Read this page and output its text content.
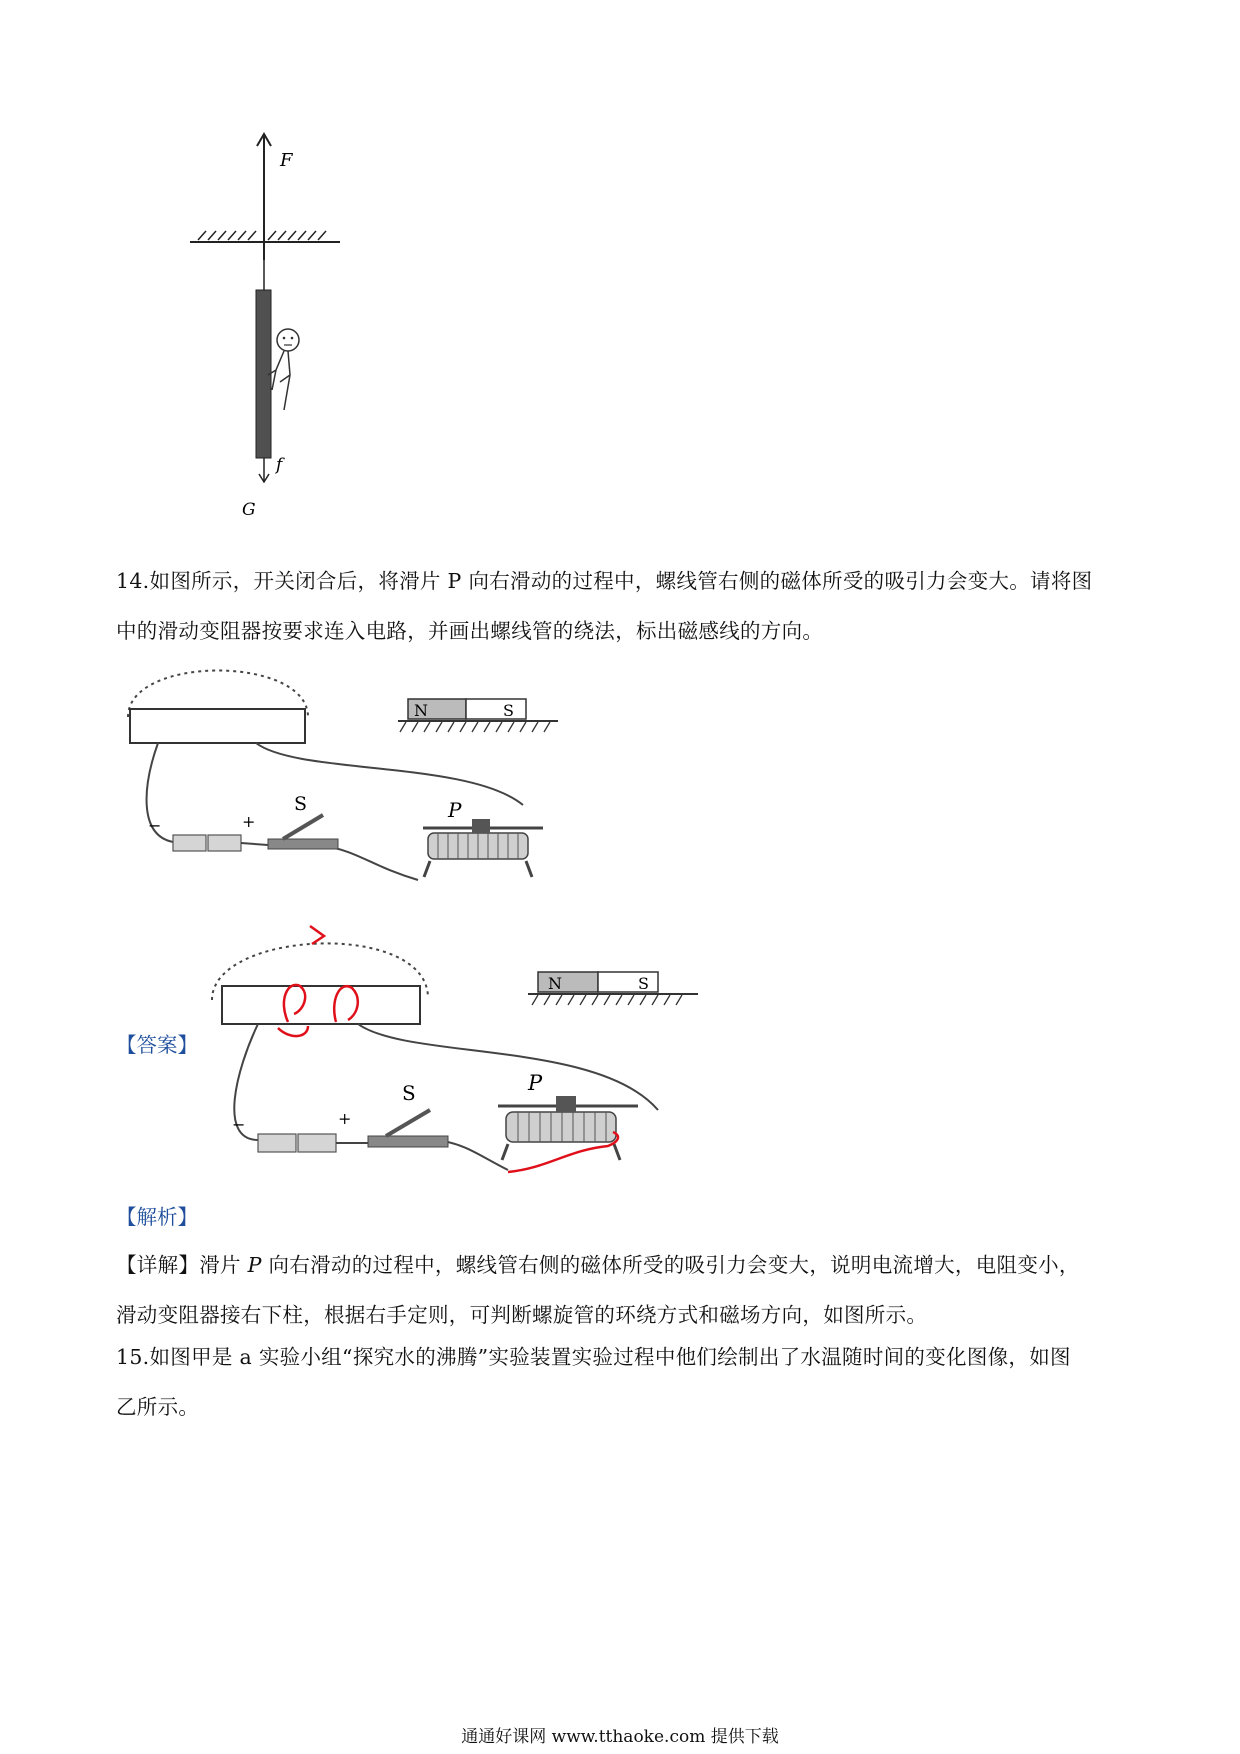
F
f
G
14.如图所示，开关闭合后，将滑片 P 向右滑动的过程中，螺线管右侧的磁体所受的吸引力会变大。请将图
中的滑动变阻器按要求连入电路，并画出螺线管的绕法，标出磁感线的方向。
N	S
−	+
S	P
【答案】
N	S
−	+
S	P
【解析】
【详解】滑片 P 向右滑动的过程中，螺线管右侧的磁体所受的吸引力会变大，说明电流增大，电阻变小，
滑动变阻器接右下柱，根据右手定则，可判断螺旋管的环绕方式和磁场方向，如图所示。
15.如图甲是 a 实验小组“探究水的沸腾”实验装置实验过程中他们绘制出了水温随时间的变化图像，如图
乙所示。
通通好课网 www.tthaoke.com 提供下载
